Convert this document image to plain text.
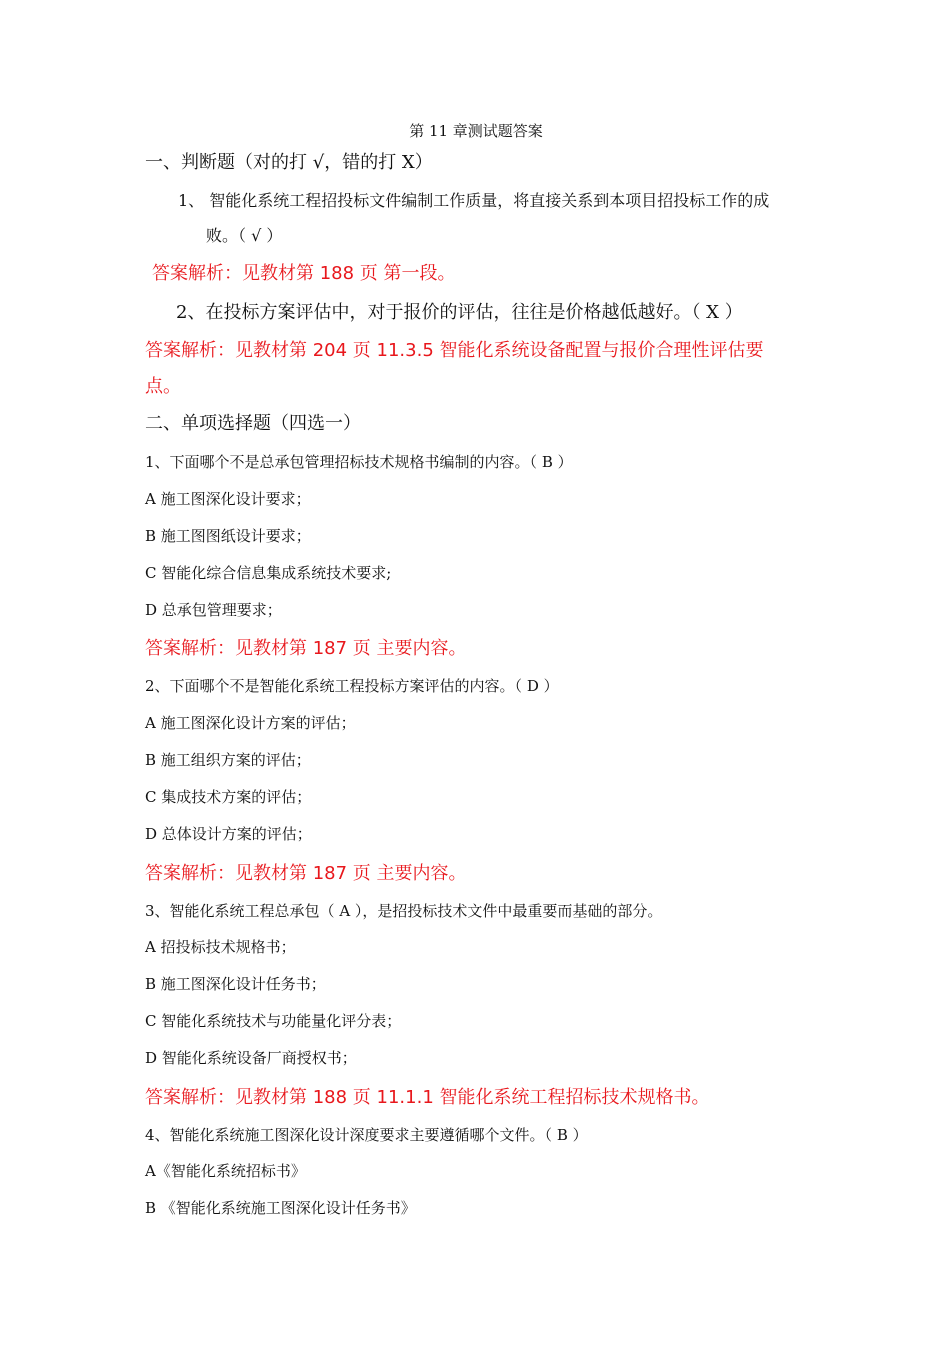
第 11 章测试题答案
一、判断题（对的打 √，错的打 X）
1、 智能化系统工程招投标文件编制工作质量，将直接关系到本项目招投标工作的成
败。（ √ ）
答案解析：见教材第 188 页 第一段。
2、在投标方案评估中，对于报价的评估，往往是价格越低越好。（ X ）
答案解析：见教材第 204 页 11.3.5 智能化系统设备配置与报价合理性评估要
点。
二、单项选择题（四选一）
1、下面哪个不是总承包管理招标技术规格书编制的内容。（ B ）
A 施工图深化设计要求；
B 施工图图纸设计要求；
C 智能化综合信息集成系统技术要求;
D 总承包管理要求；
答案解析：见教材第 187 页 主要内容。
2、下面哪个不是智能化系统工程投标方案评估的内容。（ D ）
A 施工图深化设计方案的评估；
B 施工组织方案的评估；
C 集成技术方案的评估；
D 总体设计方案的评估；
答案解析：见教材第 187 页 主要内容。
3、智能化系统工程总承包（ A ），是招投标技术文件中最重要而基础的部分。
A 招投标技术规格书；
B 施工图深化设计任务书；
C 智能化系统技术与功能量化评分表；
D 智能化系统设备厂商授权书；
答案解析：见教材第 188 页 11.1.1 智能化系统工程招标技术规格书。
4、智能化系统施工图深化设计深度要求主要遵循哪个文件。（ B ）
A《智能化系统招标书》
B 《智能化系统施工图深化设计任务书》
